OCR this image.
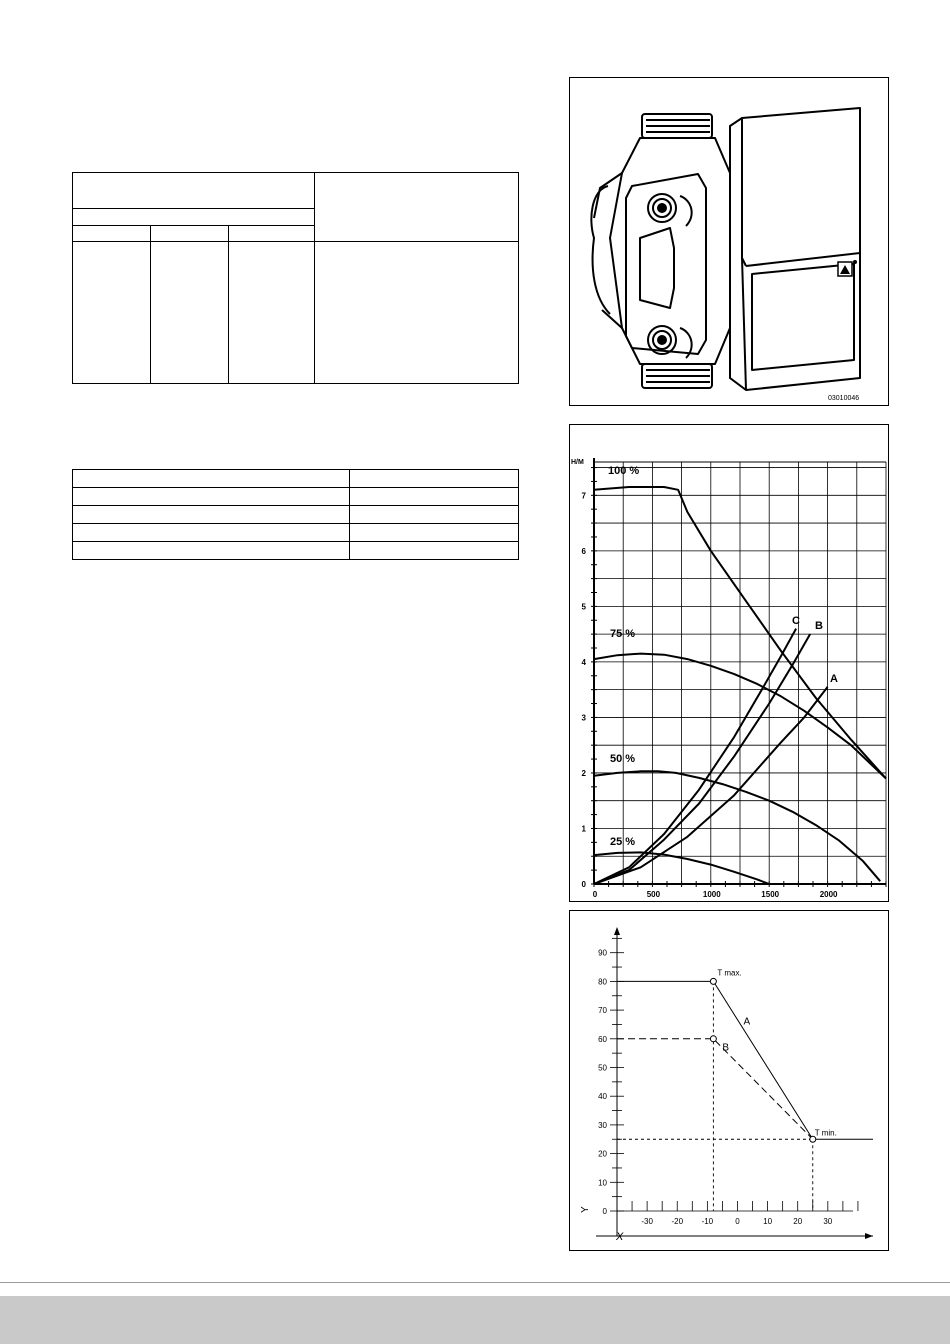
03010046
0
1
2
3
4
5
6
7
0	500	1000	1500	2000
H/M
100 %
75 %
50 %
25 %
A
B
C
0
10
20
30
40
50
60
70
80
90
-30 -20 -10	0	10	20	30
X
Y
T max.
T min.
A
B
